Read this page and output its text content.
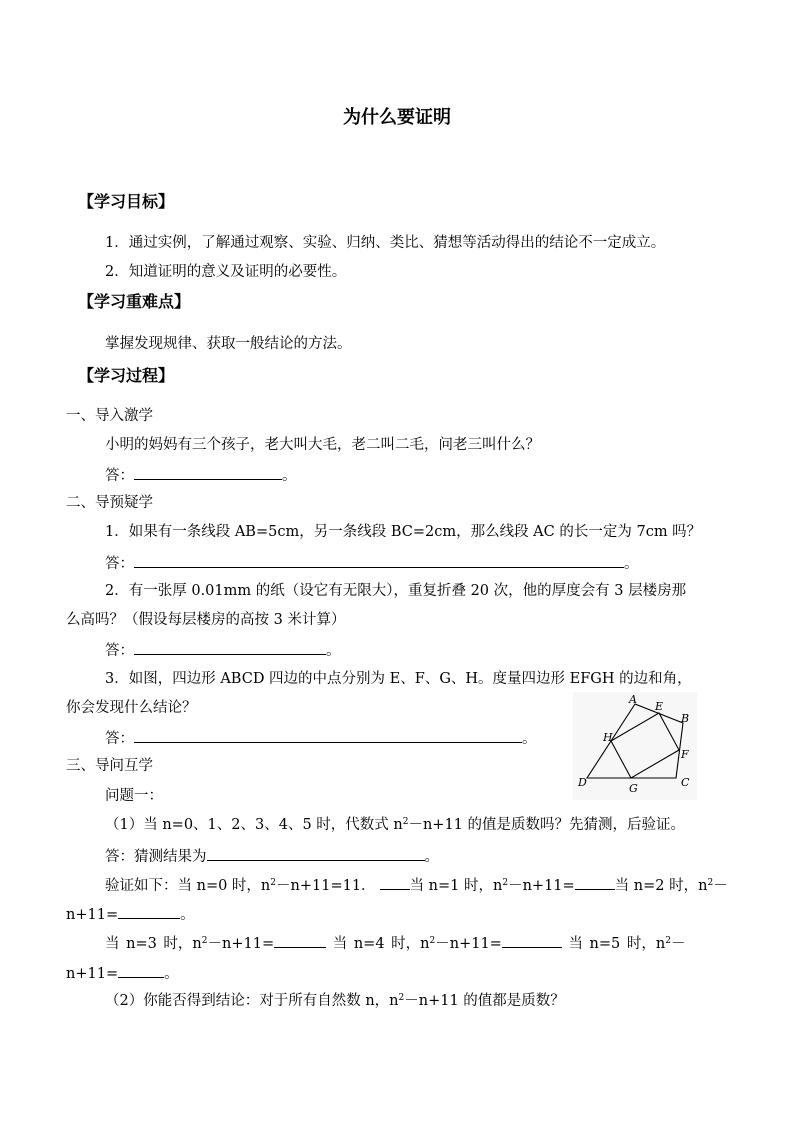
为什么要证明
【学习目标】
1．通过实例，了解通过观察、实验、归纳、类比、猜想等活动得出的结论不一定成立。
2．知道证明的意义及证明的必要性。
【学习重难点】
掌握发现规律、获取一般结论的方法。
【学习过程】
一、导入激学
小明的妈妈有三个孩子，老大叫大毛，老二叫二毛，问老三叫什么？
答：	。
二、导预疑学
1．如果有一条线段 AB=5cm，另一条线段 BC=2cm，那么线段 AC 的长一定为 7cm 吗？
答：	。
2．有一张厚 0.01mm 的纸（设它有无限大），重复折叠 20 次，他的厚度会有 3 层楼房那
么高吗？（假设每层楼房的高按 3 米计算）
答：	。
3．如图，四边形 ABCD 四边的中点分别为 E、F、G、H。度量四边形 EFGH 的边和角，
你会发现什么结论？
答：	。
A
E
B
H
F
D	G	C
三、导问互学
问题一：
（1）当 n=0、1、2、3、4、5 时，代数式 $n^2-n+11$ 的值是质数吗？先猜测，后验证。
答：猜测结果为	。
验证如下：当 n=0 时，$n^2-n+11=11$． 当 n=1 时，$n^2-n+11=$	当 n=2 时，$n^2-$
n+11=	。
当 n=3 时，$n^2-n+11=$	当 n=4 时，$n^2-n+11=$	当 n=5 时，$n^2-$
n+11=	。
（2）你能否得到结论：对于所有自然数 n，$n^2-n+11$ 的值都是质数？
